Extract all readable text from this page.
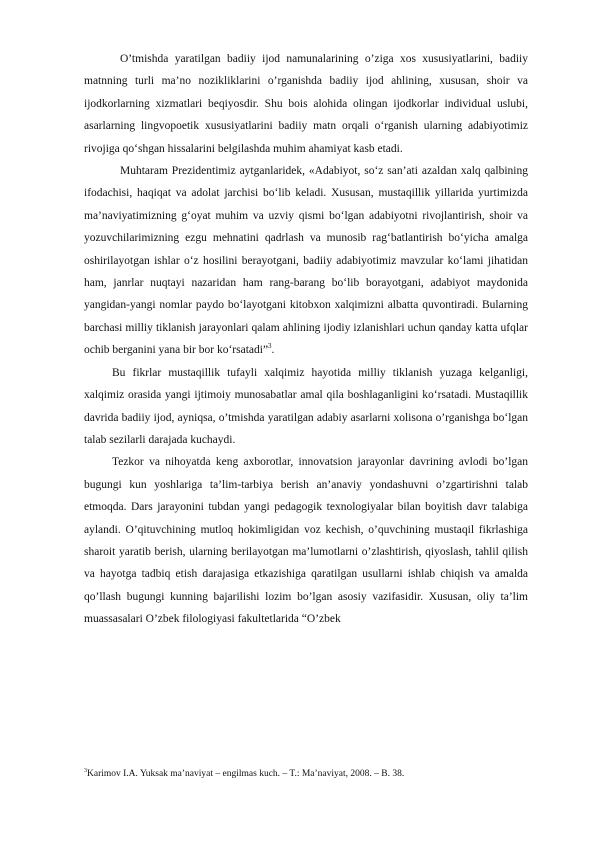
O’tmishda yaratilgan badiiy ijod namunalarining o’ziga xos xususiyatlarini, badiiy matnning turli ma’no nozikliklarini o’rganishda badiiy ijod ahlining, xususan, shoir va ijodkorlarning xizmatlari beqiyosdir. Shu bois alohida olingan ijodkorlar individual uslubi, asarlarning lingvopoetik xususiyatlarini badiiy matn orqali o‘rganish ularning adabiyotimiz rivojiga qo‘shgan hissalarini belgilashda muhim ahamiyat kasb etadi.

Muhtaram Prezidentimiz aytganlaridek, «Adabiyot, so‘z san’ati azaldan xalq qalbining ifodachisi, haqiqat va adolat jarchisi bo‘lib keladi. Xususan, mustaqillik yillarida yurtimizda ma’naviyatimizning g‘oyat muhim va uzviy qismi bo‘lgan adabiyotni rivojlantirish, shoir va yozuvchilarimizning ezgu mehnatini qadrlash va munosib rag‘batlantirish bo‘yicha amalga oshirilayotgan ishlar o‘z hosilini berayotgani, badiiy adabiyotimiz mavzular ko‘lami jihatidan ham, janrlar nuqtayi nazaridan ham rang-barang bo‘lib borayotgani, adabiyot maydonida yangidan-yangi nomlar paydo bo‘layotgani kitobxon xalqimizni albatta quvontiradi. Bularning barchasi milliy tiklanish jarayonlari qalam ahlining ijodiy izlanishlari uchun qanday katta ufqlar ochib berganini yana bir bor ko‘rsatadi”$^3$.

Bu fikrlar mustaqillik tufayli xalqimiz hayotida milliy tiklanish yuzaga kelganligi, xalqimiz orasida yangi ijtimoiy munosabatlar amal qila boshlaganligini ko‘rsatadi. Mustaqillik davrida badiiy ijod, ayniqsa, o’tmishda yaratilgan adabiy asarlarni xolisona o’rganishga bo‘lgan talab sezilarli darajada kuchaydi.

Tezkor va nihoyatda keng axborotlar, innovatsion jarayonlar davrining avlodi bo’lgan bugungi kun yoshlariga ta’lim-tarbiya berish an’anaviy yondashuvni o’zgartirishni talab etmoqda. Dars jarayonini tubdan yangi pedagogik texnologiyalar bilan boyitish davr talabiga aylandi. O’qituvchining mutloq hokimligidan voz kechish, o’quvchining mustaqil fikrlashiga sharoit yaratib berish, ularning berilayotgan ma’lumotlarni o’zlashtirish, qiyoslash, tahlil qilish va hayotga tadbiq etish darajasiga etkazishiga qaratilgan usullarni ishlab chiqish va amalda qo’llash bugungi kunning bajarilishi lozim bo’lgan asosiy vazifasidir. Xususan, oliy ta’lim muassasalari O’zbek filologiyasi fakultetlarida “O’zbek

$^3$Karimov I.A. Yuksak ma’naviyat – engilmas kuch. – T.: Ma’naviyat, 2008. – B. 38.
